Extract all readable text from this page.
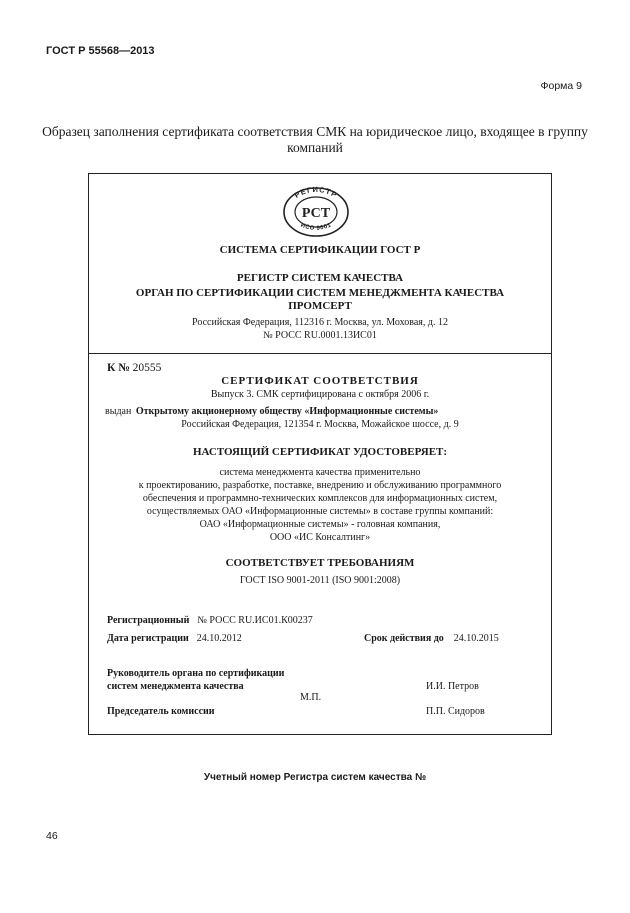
ГОСТ Р 55568—2013
Форма 9
Образец заполнения сертификата соответствия СМК на юридическое лицо, входящее в группу компаний
РЕГИСТР
ИСО 9001
РСТ
СИСТЕМА СЕРТИФИКАЦИИ ГОСТ Р
РЕГИСТР СИСТЕМ КАЧЕСТВА
ОРГАН ПО СЕРТИФИКАЦИИ СИСТЕМ МЕНЕДЖМЕНТА КАЧЕСТВА
ПРОМСЕРТ
Российская Федерация, 112316 г. Москва, ул. Моховая, д. 12
№ РОСС RU.0001.13ИС01
К № 20555
СЕРТИФИКАТ СООТВЕТСТВИЯ
Выпуск 3. СМК сертифицирована с октября 2006 г.
выдан Открытому акционерному обществу «Информационные системы»
Российская Федерация, 121354 г. Москва, Можайское шоссе, д. 9
НАСТОЯЩИЙ СЕРТИФИКАТ УДОСТОВЕРЯЕТ:
система менеджмента качества применительно
к проектированию, разработке, поставке, внедрению и обслуживанию программного
обеспечения и программно-технических комплексов для информационных систем,
осуществляемых ОАО «Информационные системы» в составе группы компаний:
ОАО «Информационные системы» - головная компания,
ООО «ИС Консалтинг»
СООТВЕТСТВУЕТ ТРЕБОВАНИЯМ
ГОСТ ISO 9001-2011 (ISO 9001:2008)
Регистрационный № РОСС RU.ИС01.К00237
Дата регистрации 24.10.2012	Срок действия до 24.10.2015
Руководитель органа по сертификации
систем менеджмента качества	И.И. Петров
М.П.
Председатель комиссии	П.П. Сидоров
Учетный номер Регистра систем качества №
46
